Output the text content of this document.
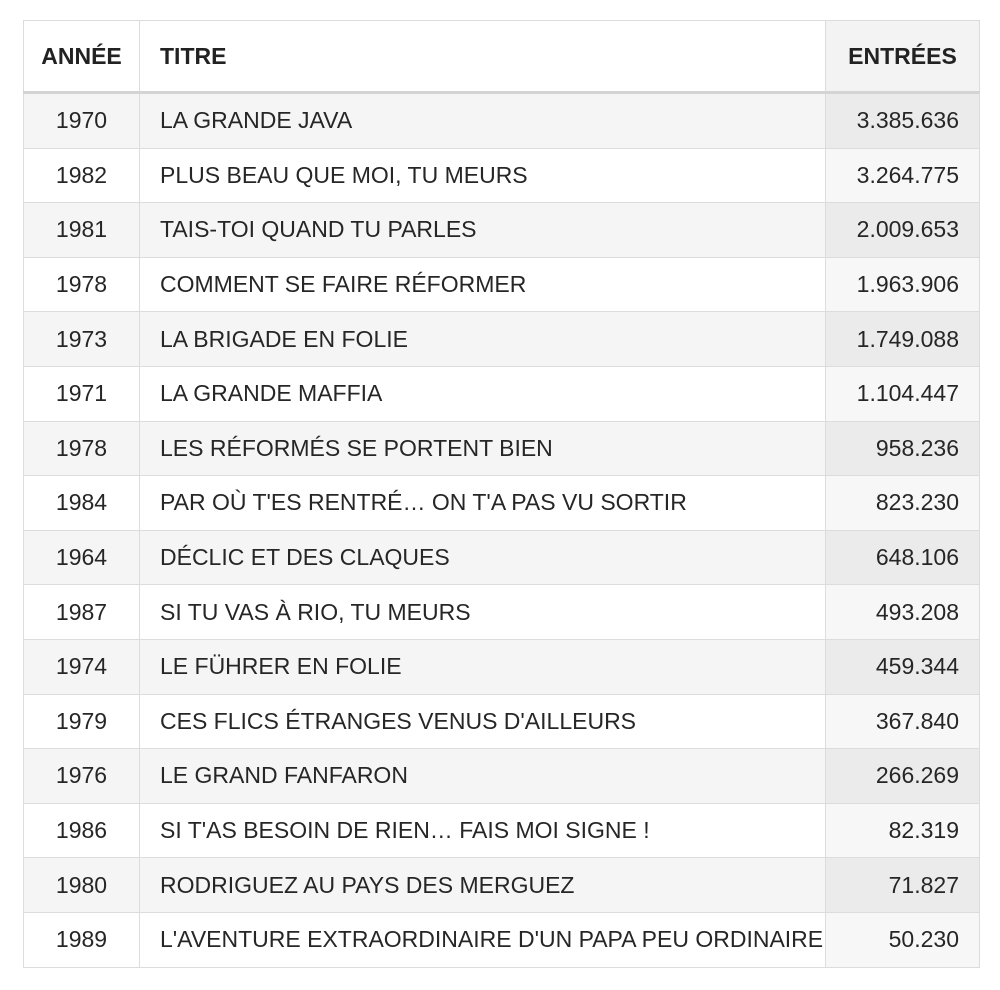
ANNÉE	TITRE	ENTRÉES
1970	LA GRANDE JAVA	3.385.636
1982	PLUS BEAU QUE MOI, TU MEURS	3.264.775
1981	TAIS-TOI QUAND TU PARLES	2.009.653
1978	COMMENT SE FAIRE RÉFORMER	1.963.906
1973	LA BRIGADE EN FOLIE	1.749.088
1971	LA GRANDE MAFFIA	1.104.447
1978	LES RÉFORMÉS SE PORTENT BIEN	958.236
1984	PAR OÙ T'ES RENTRÉ… ON T'A PAS VU SORTIR	823.230
1964	DÉCLIC ET DES CLAQUES	648.106
1987	SI TU VAS À RIO, TU MEURS	493.208
1974	LE FÜHRER EN FOLIE	459.344
1979	CES FLICS ÉTRANGES VENUS D'AILLEURS	367.840
1976	LE GRAND FANFARON	266.269
1986	SI T'AS BESOIN DE RIEN… FAIS MOI SIGNE !	82.319
1980	RODRIGUEZ AU PAYS DES MERGUEZ	71.827
1989	L'AVENTURE EXTRAORDINAIRE D'UN PAPA PEU ORDINAIRE	50.230
